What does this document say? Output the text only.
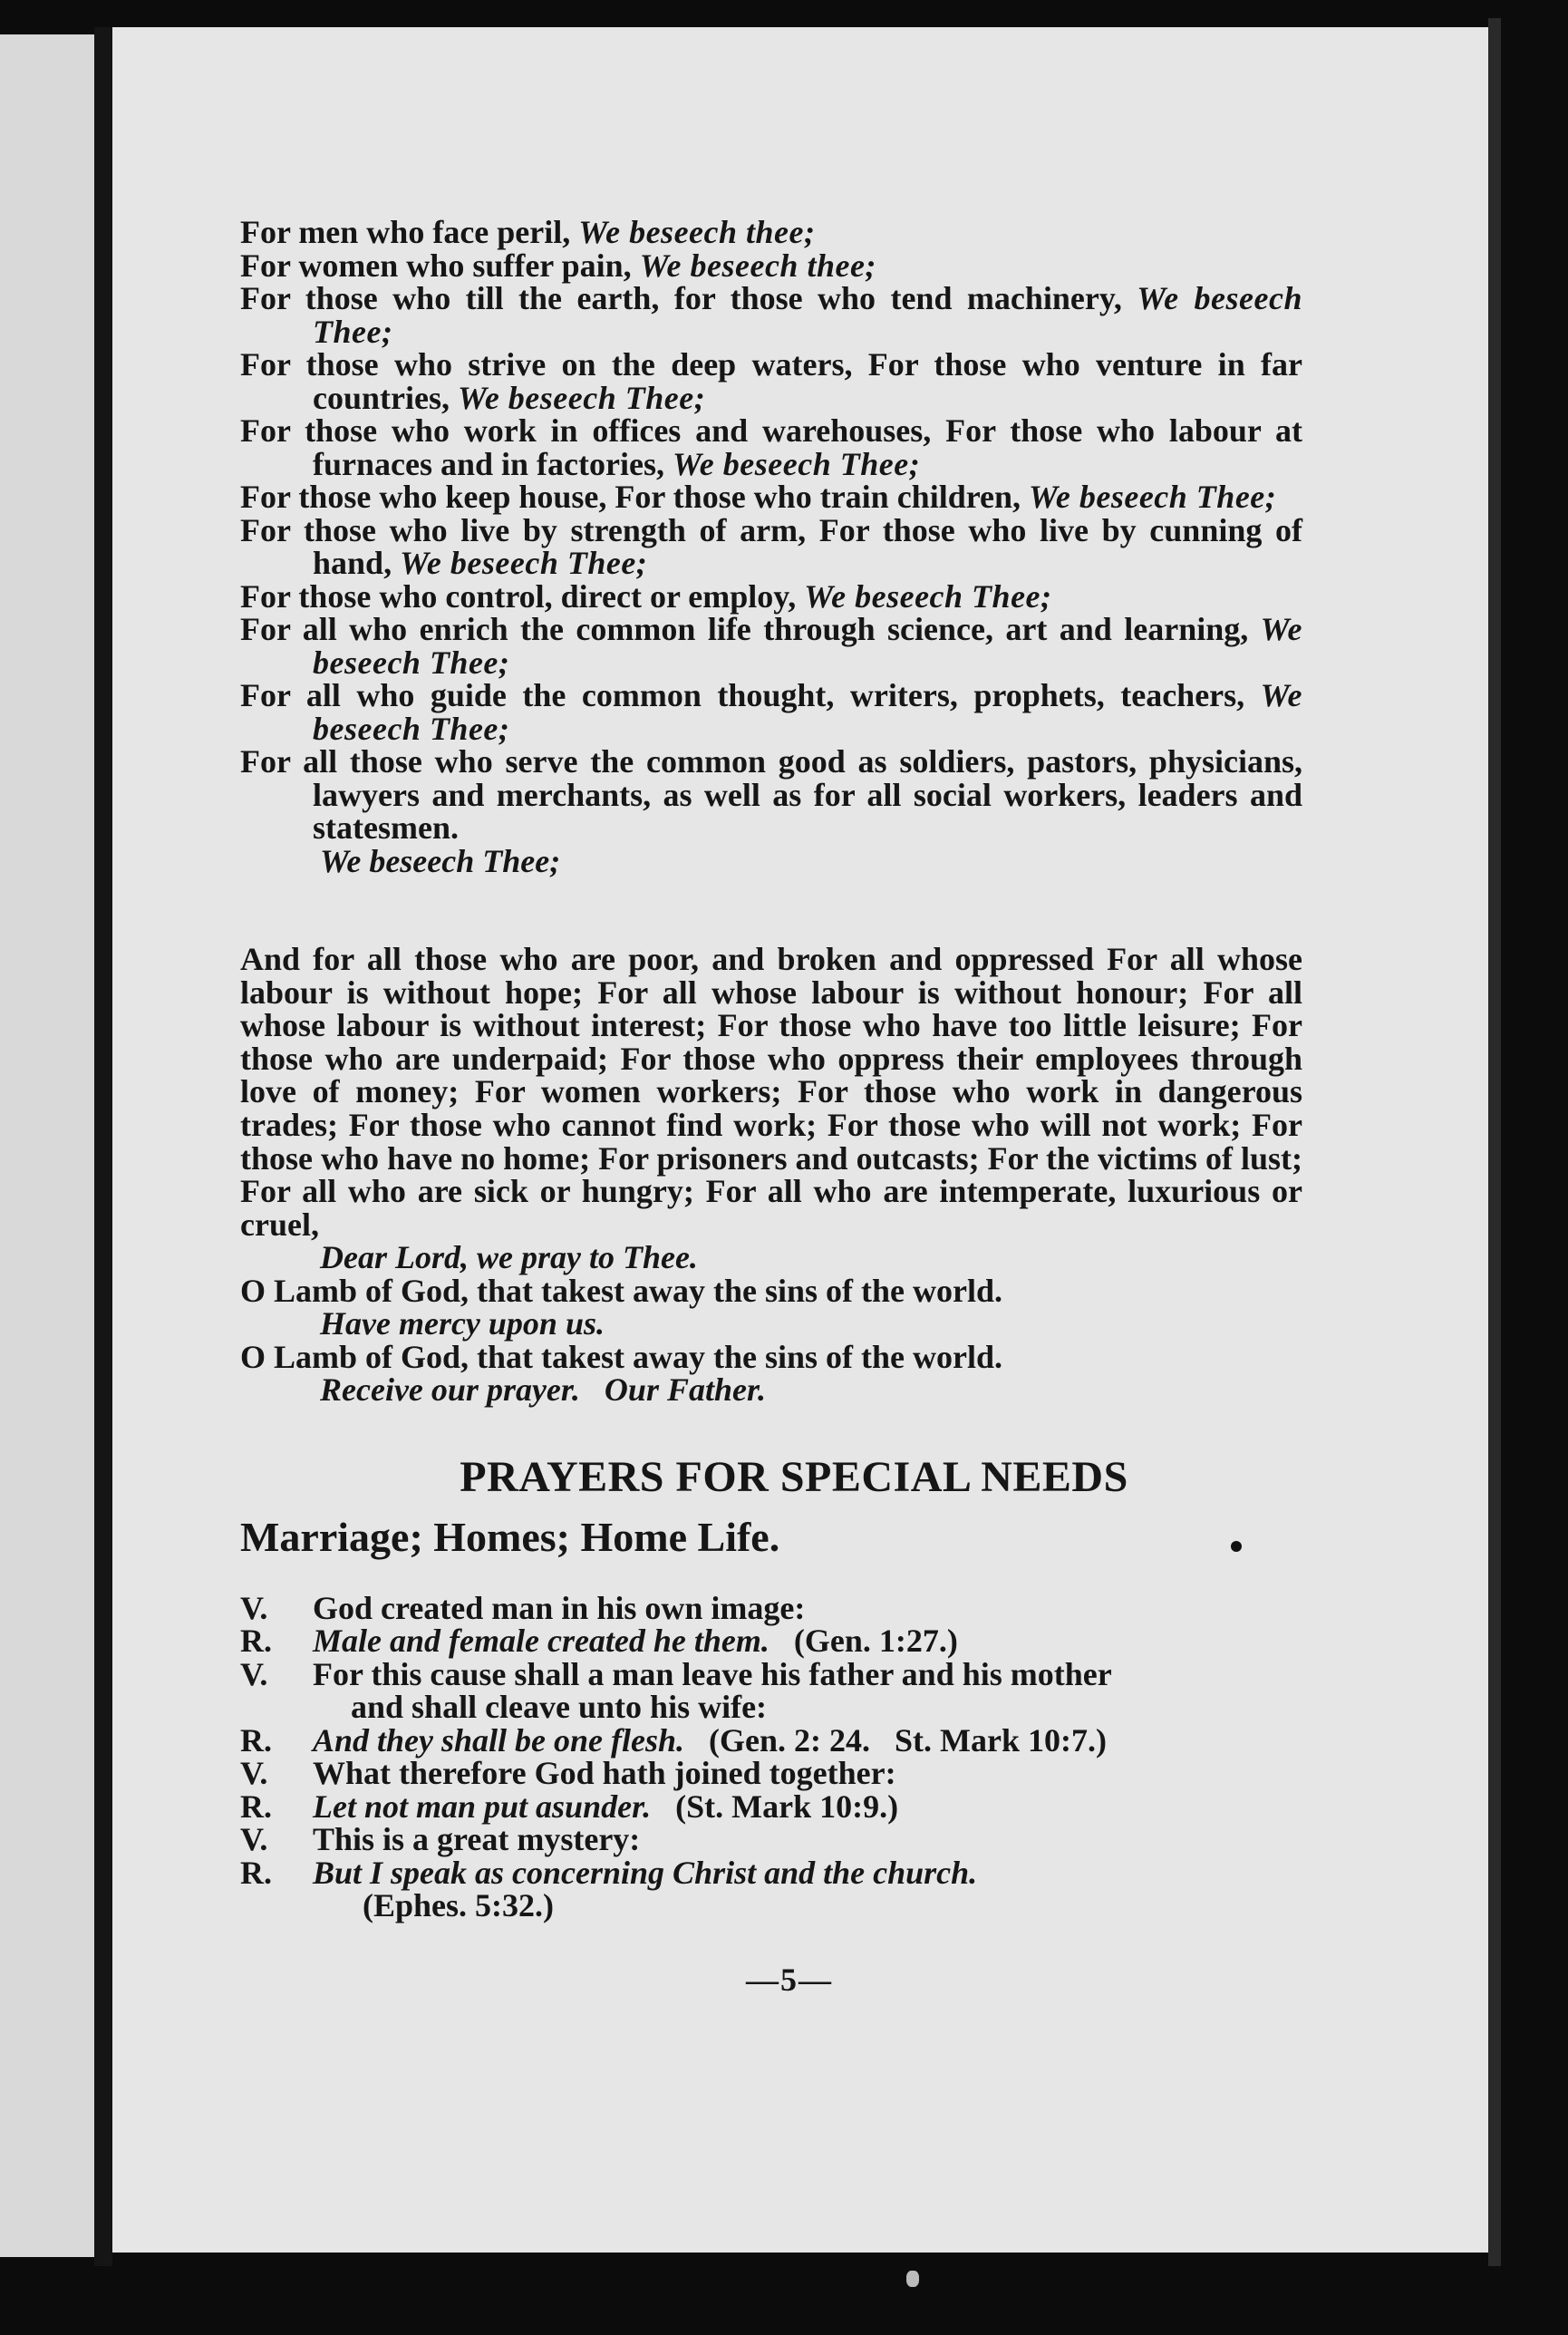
For men who face peril, We beseech thee;

For women who suffer pain, We beseech thee;

For those who till the earth, for those who tend machinery, We beseech Thee;

For those who strive on the deep waters, For those who venture in far countries, We beseech Thee;

For those who work in offices and warehouses, For those who labour at furnaces and in factories, We beseech Thee;

For those who keep house, For those who train children, We beseech Thee;

For those who live by strength of arm, For those who live by cunning of hand, We beseech Thee;

For those who control, direct or employ, We beseech Thee;

For all who enrich the common life through science, art and learning, We beseech Thee;

For all who guide the common thought, writers, prophets, teachers, We beseech Thee;

For all those who serve the common good as soldiers, pastors, physicians, lawyers and merchants, as well as for all social workers, leaders and statesmen.

We beseech Thee;

And for all those who are poor, and broken and oppressed For all whose labour is without hope; For all whose labour is without honour; For all whose labour is without interest; For those who have too little leisure; For those who are underpaid; For those who oppress their employees through love of money; For women workers; For those who work in dangerous trades; For those who cannot find work; For those who will not work; For those who have no home; For prisoners and outcasts; For the victims of lust; For all who are sick or hungry; For all who are intemperate, luxurious or cruel,

Dear Lord, we pray to Thee.

O Lamb of God, that takest away the sins of the world.

Have mercy upon us.

O Lamb of God, that takest away the sins of the world.

Receive our prayer.   Our Father.

PRAYERS FOR SPECIAL NEEDS
Marriage; Homes; Home Life.
V.	God created man in his own image:
R.	Male and female created he them. (Gen. 1:27.)
V.	For this cause shall a man leave his father and his mother
and shall cleave unto his wife:
R.	And they shall be one flesh. (Gen. 2: 24.   St. Mark 10:7.)
V.	What therefore God hath joined together:
R.	Let not man put asunder. (St. Mark 10:9.)
V.	This is a great mystery:
R.	But I speak as concerning Christ and the church.

(Ephes. 5:32.)

—5—
